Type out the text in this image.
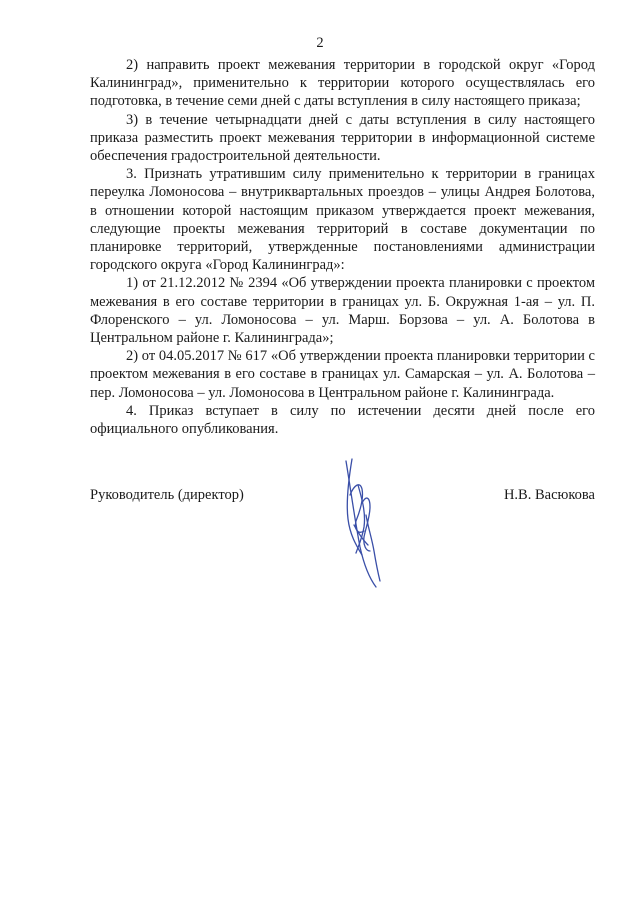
2

2) направить проект межевания территории в городской округ «Город Калининград», применительно к территории которого осуществлялась его подготовка, в течение семи дней с даты вступления в силу настоящего приказа;

3) в течение четырнадцати дней с даты вступления в силу настоящего приказа разместить проект межевания территории в информационной системе обеспечения градостроительной деятельности.

3. Признать утратившим силу применительно к территории в границах переулка Ломоносова – внутриквартальных проездов – улицы Андрея Болотова, в отношении которой настоящим приказом утверждается проект межевания, следующие проекты межевания территорий в составе документации по планировке территорий, утвержденные постановлениями администрации городского округа «Город Калининград»:

1) от 21.12.2012 № 2394 «Об утверждении проекта планировки с проектом межевания в его составе территории в границах ул. Б. Окружная 1-ая – ул. П. Флоренского – ул. Ломоносова – ул. Марш. Борзова – ул. А. Болотова в Центральном районе г. Калининграда»;

2) от 04.05.2017 № 617 «Об утверждении проекта планировки территории с проектом межевания в его составе в границах ул. Самарская – ул. А. Болотова – пер. Ломоносова – ул. Ломоносова в Центральном районе г. Калининграда.

4. Приказ вступает в силу по истечении десяти дней после его официального опубликования.

Руководитель (директор)	Н.В. Васюкова
